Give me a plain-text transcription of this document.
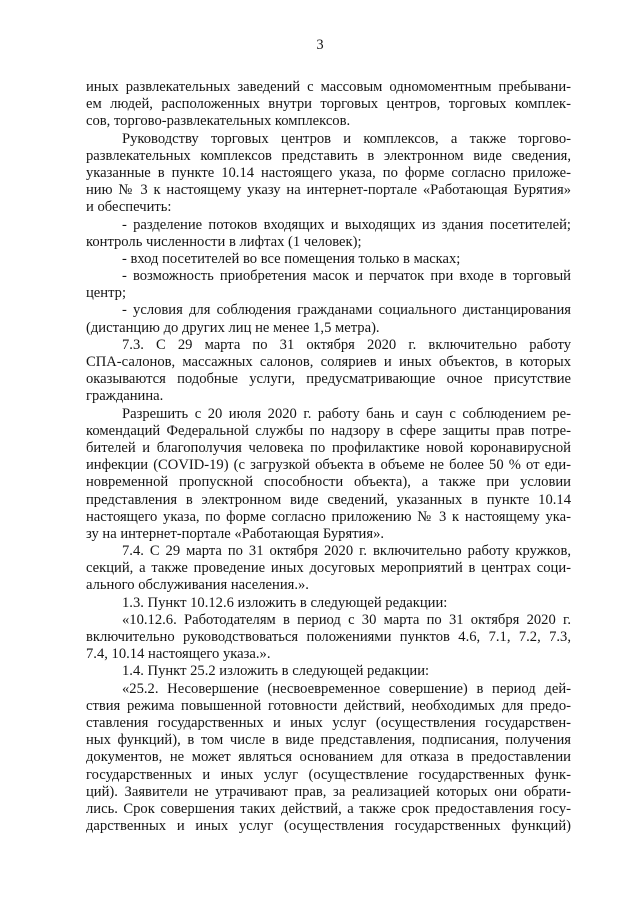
3
иных развлекательных заведений с массовым одномоментным пребывани-
ем людей, расположенных внутри торговых центров, торговых комплек-
сов, торгово-развлекательных комплексов.
Руководству торговых центров и комплексов, а также торгово-
развлекательных комплексов представить в электронном виде сведения,
указанные в пункте 10.14 настоящего указа, по форме согласно приложе-
нию № 3 к настоящему указу на интернет-портале «Работающая Бурятия»
и обеспечить:
- разделение потоков входящих и выходящих из здания посетителей;
контроль численности в лифтах (1 человек);
- вход посетителей во все помещения только в масках;
- возможность приобретения масок и перчаток при входе в торговый
центр;
- условия для соблюдения гражданами социального дистанцирования
(дистанцию до других лиц не менее 1,5 метра).
7.3. С 29 марта по 31 октября 2020 г. включительно работу
СПА-салонов, массажных салонов, соляриев и иных объектов, в которых
оказываются подобные услуги, предусматривающие очное присутствие
гражданина.
Разрешить с 20 июля 2020 г. работу бань и саун с соблюдением ре-
комендаций Федеральной службы по надзору в сфере защиты прав потре-
бителей и благополучия человека по профилактике новой коронавирусной
инфекции (COVID-19) (с загрузкой объекта в объеме не более 50 % от еди-
новременной пропускной способности объекта), а также при условии
представления в электронном виде сведений, указанных в пункте 10.14
настоящего указа, по форме согласно приложению № 3 к настоящему ука-
зу на интернет-портале «Работающая Бурятия».
7.4. С 29 марта по 31 октября 2020 г. включительно работу кружков,
секций, а также проведение иных досуговых мероприятий в центрах соци-
ального обслуживания населения.».
1.3. Пункт 10.12.6 изложить в следующей редакции:
«10.12.6. Работодателям в период с 30 марта по 31 октября 2020 г.
включительно руководствоваться положениями пунктов 4.6, 7.1, 7.2, 7.3,
7.4, 10.14 настоящего указа.».
1.4. Пункт 25.2 изложить в следующей редакции:
«25.2. Несовершение (несвоевременное совершение) в период дей-
ствия режима повышенной готовности действий, необходимых для предо-
ставления государственных и иных услуг (осуществления государствен-
ных функций), в том числе в виде представления, подписания, получения
документов, не может являться основанием для отказа в предоставлении
государственных и иных услуг (осуществление государственных функ-
ций). Заявители не утрачивают прав, за реализацией которых они обрати-
лись. Срок совершения таких действий, а также срок предоставления госу-
дарственных и иных услуг (осуществления государственных функций)
